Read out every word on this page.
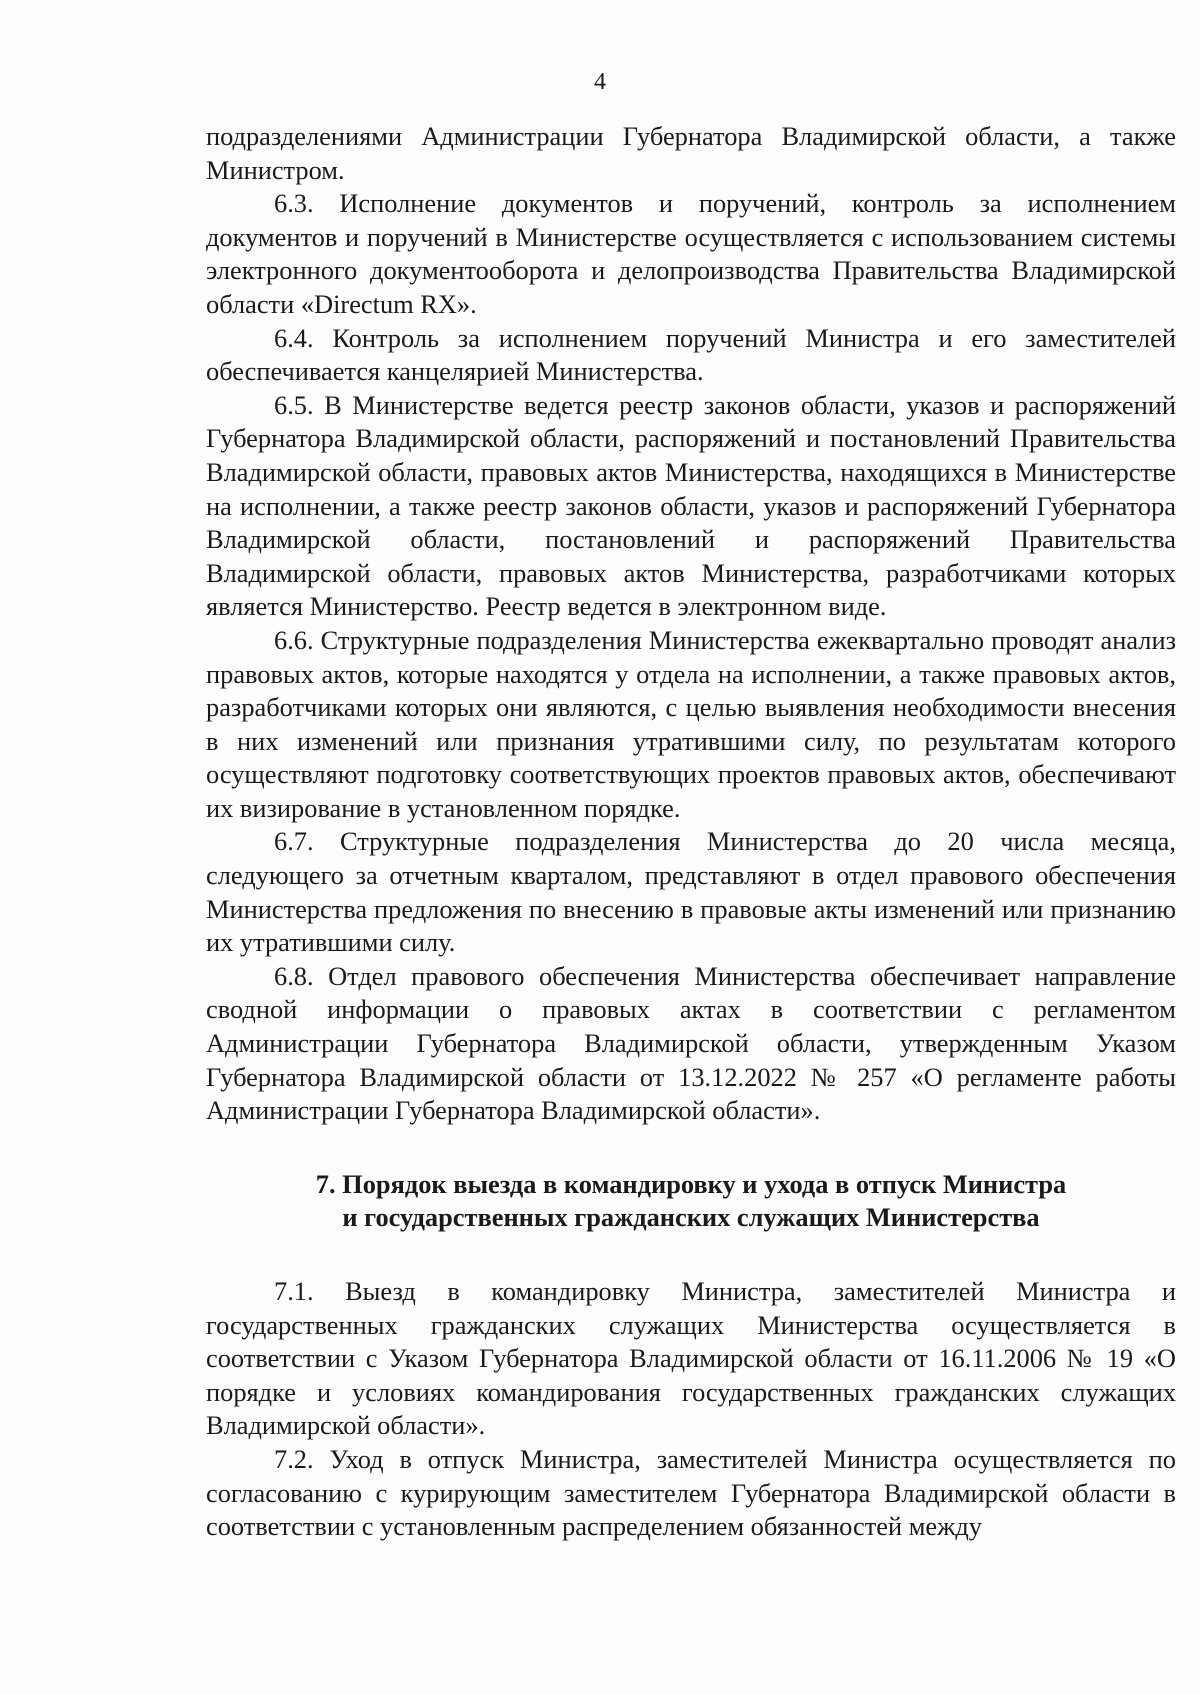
4

подразделениями Администрации Губернатора Владимирской области, а также Министром.

6.3. Исполнение документов и поручений, контроль за исполнением документов и поручений в Министерстве осуществляется с использованием системы электронного документооборота и делопроизводства Правительства Владимирской области «Directum RX».

6.4. Контроль за исполнением поручений Министра и его заместителей обеспечивается канцелярией Министерства.

6.5. В Министерстве ведется реестр законов области, указов и распоряжений Губернатора Владимирской области, распоряжений и постановлений Правительства Владимирской области, правовых актов Министерства, находящихся в Министерстве на исполнении, а также реестр законов области, указов и распоряжений Губернатора Владимирской области, постановлений и распоряжений Правительства Владимирской области, правовых актов Министерства, разработчиками которых является Министерство. Реестр ведется в электронном виде.

6.6. Структурные подразделения Министерства ежеквартально проводят анализ правовых актов, которые находятся у отдела на исполнении, а также правовых актов, разработчиками которых они являются, с целью выявления необходимости внесения в них изменений или признания утратившими силу, по результатам которого осуществляют подготовку соответствующих проектов правовых актов, обеспечивают их визирование в установленном порядке.

6.7. Структурные подразделения Министерства до 20 числа месяца, следующего за отчетным кварталом, представляют в отдел правового обеспечения Министерства предложения по внесению в правовые акты изменений или признанию их утратившими силу.

6.8. Отдел правового обеспечения Министерства обеспечивает направление сводной информации о правовых актах в соответствии с регламентом Администрации Губернатора Владимирской области, утвержденным Указом Губернатора Владимирской области от 13.12.2022 № 257 «О регламенте работы Администрации Губернатора Владимирской области».

7. Порядок выезда в командировку и ухода в отпуск Министра
и государственных гражданских служащих Министерства

7.1. Выезд в командировку Министра, заместителей Министра и государственных гражданских служащих Министерства осуществляется в соответствии с Указом Губернатора Владимирской области от 16.11.2006 № 19 «О порядке и условиях командирования государственных гражданских служащих Владимирской области».

7.2. Уход в отпуск Министра, заместителей Министра осуществляется по согласованию с курирующим заместителем Губернатора Владимирской области в соответствии с установленным распределением обязанностей между
